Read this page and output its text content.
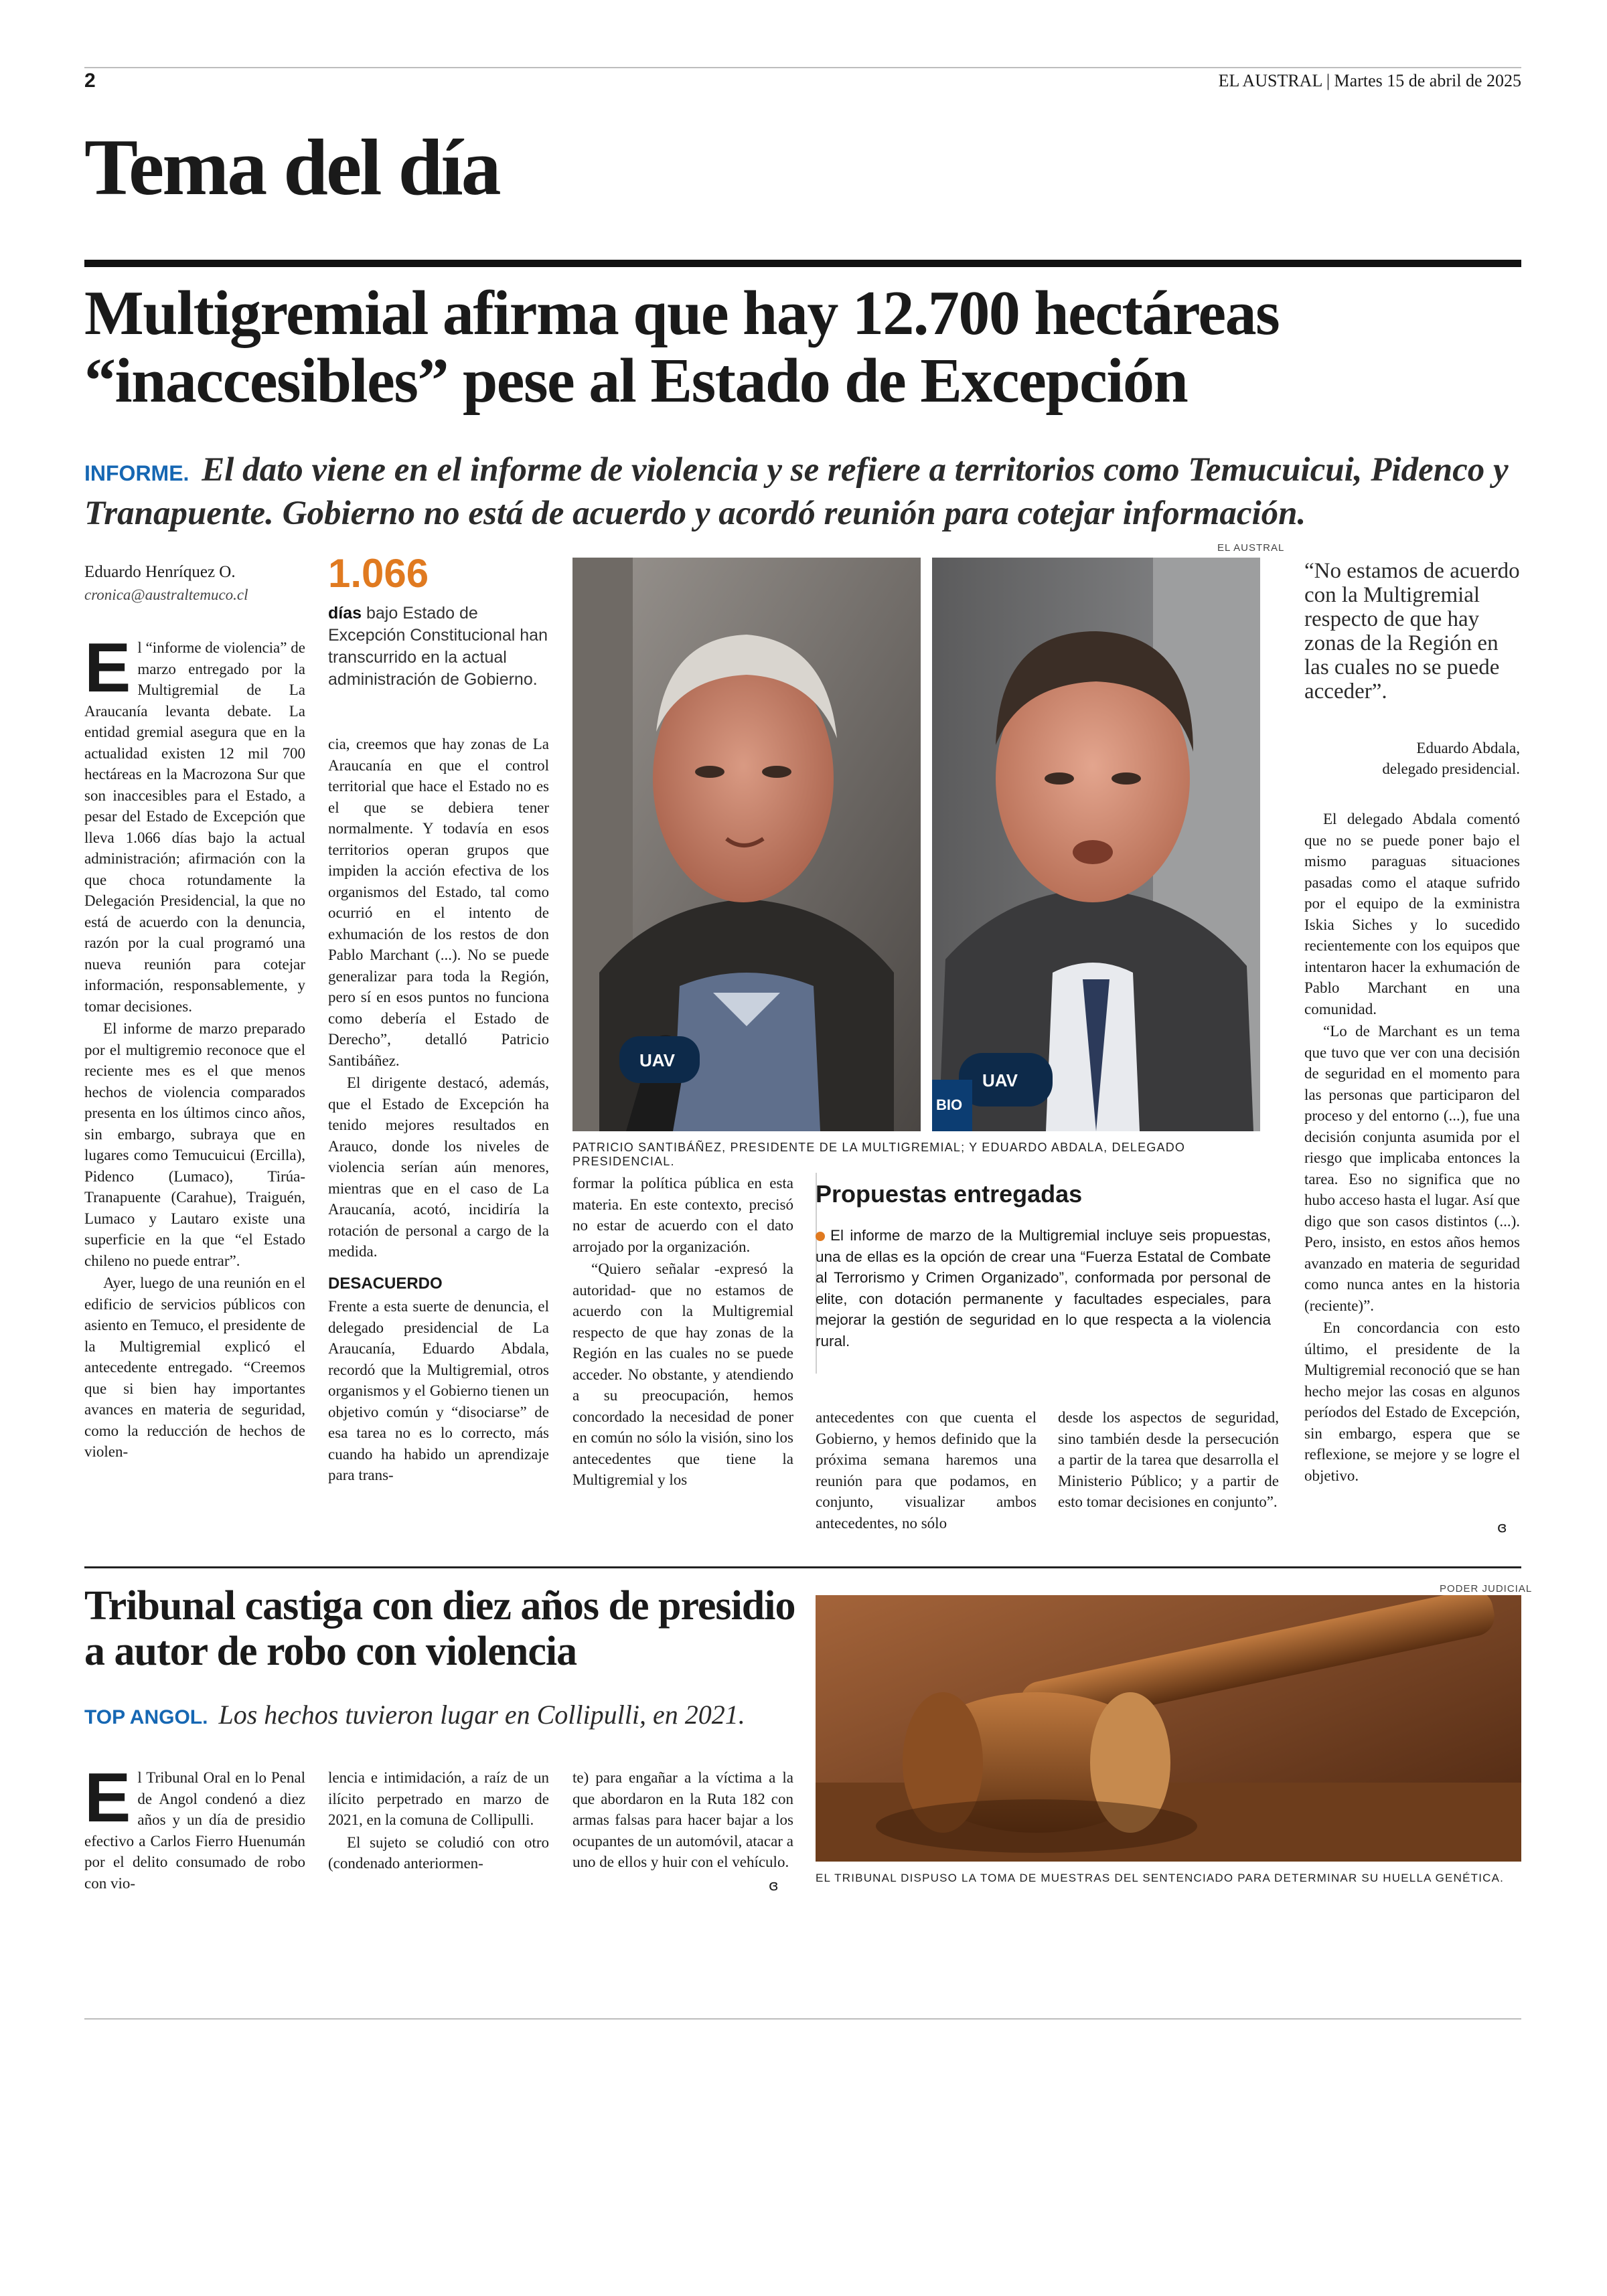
2	EL AUSTRAL | Martes 15 de abril de 2025
Tema del día
Multigremial afirma que hay 12.700 hectáreas “inaccesibles” pese al Estado de Excepción
INFORME. El dato viene en el informe de violencia y se refiere a territorios como Temucuicui, Pidenco y Tranapuente. Gobierno no está de acuerdo y acordó reunión para cotejar información.
Eduardo Henríquez O.
cronica@australtemuco.cl 1.066
días bajo Estado de Excepción Constitucional han transcurrido en la actual administración de Gobierno.

El “informe de violencia” de marzo entregado por la Multigremial de La Araucanía levanta debate. La entidad gremial asegura que en la actualidad existen 12 mil 700 hectáreas en la Macrozona Sur que son inaccesibles para el Estado, a pesar del Estado de Excepción que lleva 1.066 días bajo la actual administración; afirmación con la que choca rotundamente la Delegación Presidencial, la que no está de acuerdo con la denuncia, razón por la cual programó una nueva reunión para cotejar información, responsablemente, y tomar decisiones.

El informe de marzo preparado por el multigremio reconoce que el reciente mes es el que menos hechos de violencia comparados presenta en los últimos cinco años, sin embargo, subraya que en lugares como Temucuicui (Ercilla), Pidenco (Lumaco), Tirúa-Tranapuente (Carahue), Traiguén, Lumaco y Lautaro existe una superficie en la que “el Estado chileno no puede entrar”.

Ayer, luego de una reunión en el edificio de servicios públicos con asiento en Temuco, el presidente de la Multigremial explicó el antecedente entregado. “Creemos que si bien hay importantes avances en materia de seguridad, como la reducción de hechos de violen-

cia, creemos que hay zonas de La Araucanía en que el control territorial que hace el Estado no es el que se debiera tener normalmente. Y todavía en esos territorios operan grupos que impiden la acción efectiva de los organismos del Estado, tal como ocurrió en el intento de exhumación de los restos de don Pablo Marchant (...). No se puede generalizar para toda la Región, pero sí en esos puntos no funciona como debería el Estado de Derecho”, detalló Patricio Santibáñez.

El dirigente destacó, además, que el Estado de Excepción ha tenido mejores resultados en Arauco, donde los niveles de violencia serían aún menores, mientras que en el caso de La Araucanía, acotó, incidiría la rotación de personal a cargo de la medida.

DESACUERDO

Frente a esta suerte de denuncia, el delegado presidencial de La Araucanía, Eduardo Abdala, recordó que la Multigremial, otros organismos y el Gobierno tienen un objetivo común y “disociarse” de esa tarea no es lo correcto, más cuando ha habido un aprendizaje para trans-

EL AUSTRAL
UAV
UAV
BIO
PATRICIO SANTIBÁÑEZ, PRESIDENTE DE LA MULTIGREMIAL; Y EDUARDO ABDALA, DELEGADO PRESIDENCIAL.

formar la política pública en esta materia. En este contexto, precisó no estar de acuerdo con el dato arrojado por la organización.

“Quiero señalar -expresó la autoridad- que no estamos de acuerdo con la Multigremial respecto de que hay zonas de la Región en las cuales no se puede acceder. No obstante, y atendiendo a su preocupación, hemos concordado la necesidad de poner en común no sólo la visión, sino los antecedentes que tiene la Multigremial y los

Propuestas entregadas
El informe de marzo de la Multigremial incluye seis propuestas, una de ellas es la opción de crear una “Fuerza Estatal de Combate al Terrorismo y Crimen Organizado”, conformada por personal de elite, con dotación permanente y facultades especiales, para mejorar la gestión de seguridad en lo que respecta a la violencia rural.

antecedentes con que cuenta el Gobierno, y hemos definido que la próxima semana haremos una reunión para que podamos, en conjunto, visualizar ambos antecedentes, no sólo

desde los aspectos de seguridad, sino también desde la persecución a partir de la tarea que desarrolla el Ministerio Público; y a partir de esto tomar decisiones en conjunto”.

“No estamos de acuerdo con la Multigremial respecto de que hay zonas de la Región en las cuales no se puede acceder”.
Eduardo Abdala,
delegado presidencial.

El delegado Abdala comentó que no se puede poner bajo el mismo paraguas situaciones pasadas como el ataque sufrido por el equipo de la exministra Iskia Siches y lo sucedido recientemente con los equipos que intentaron hacer la exhumación de Pablo Marchant en una comunidad.

“Lo de Marchant es un tema que tuvo que ver con una decisión de seguridad en el momento para las personas que participaron del proceso y del entorno (...), fue una decisión conjunta asumida por el riesgo que implicaba entonces la tarea. Eso no significa que no hubo acceso hasta el lugar. Así que digo que son casos distintos (...). Pero, insisto, en estos años hemos avanzado en materia de seguridad como nunca antes en la historia (reciente)”.

En concordancia con esto último, el presidente de la Multigremial reconoció que se han hecho mejor las cosas en algunos períodos del Estado de Excepción, sin embargo, espera que se reflexione, se mejore y se logre el objetivo.

ɞ
Tribunal castiga con diez años de presidio a autor de robo con violencia
TOP ANGOL. Los hechos tuvieron lugar en Collipulli, en 2021.

El Tribunal Oral en lo Penal de Angol condenó a diez años y un día de presidio efectivo a Carlos Fierro Huenumán por el delito consumado de robo con vio-

lencia e intimidación, a raíz de un ilícito perpetrado en marzo de 2021, en la comuna de Collipulli.

El sujeto se coludió con otro (condenado anteriormen-

te) para engañar a la víctima a la que abordaron en la Ruta 182 con armas falsas para hacer bajar a los ocupantes de un automóvil, atacar a uno de ellos y huir con el vehículo.

ɞ
PODER JUDICIAL
EL TRIBUNAL DISPUSO LA TOMA DE MUESTRAS DEL SENTENCIADO PARA DETERMINAR SU HUELLA GENÉTICA.
